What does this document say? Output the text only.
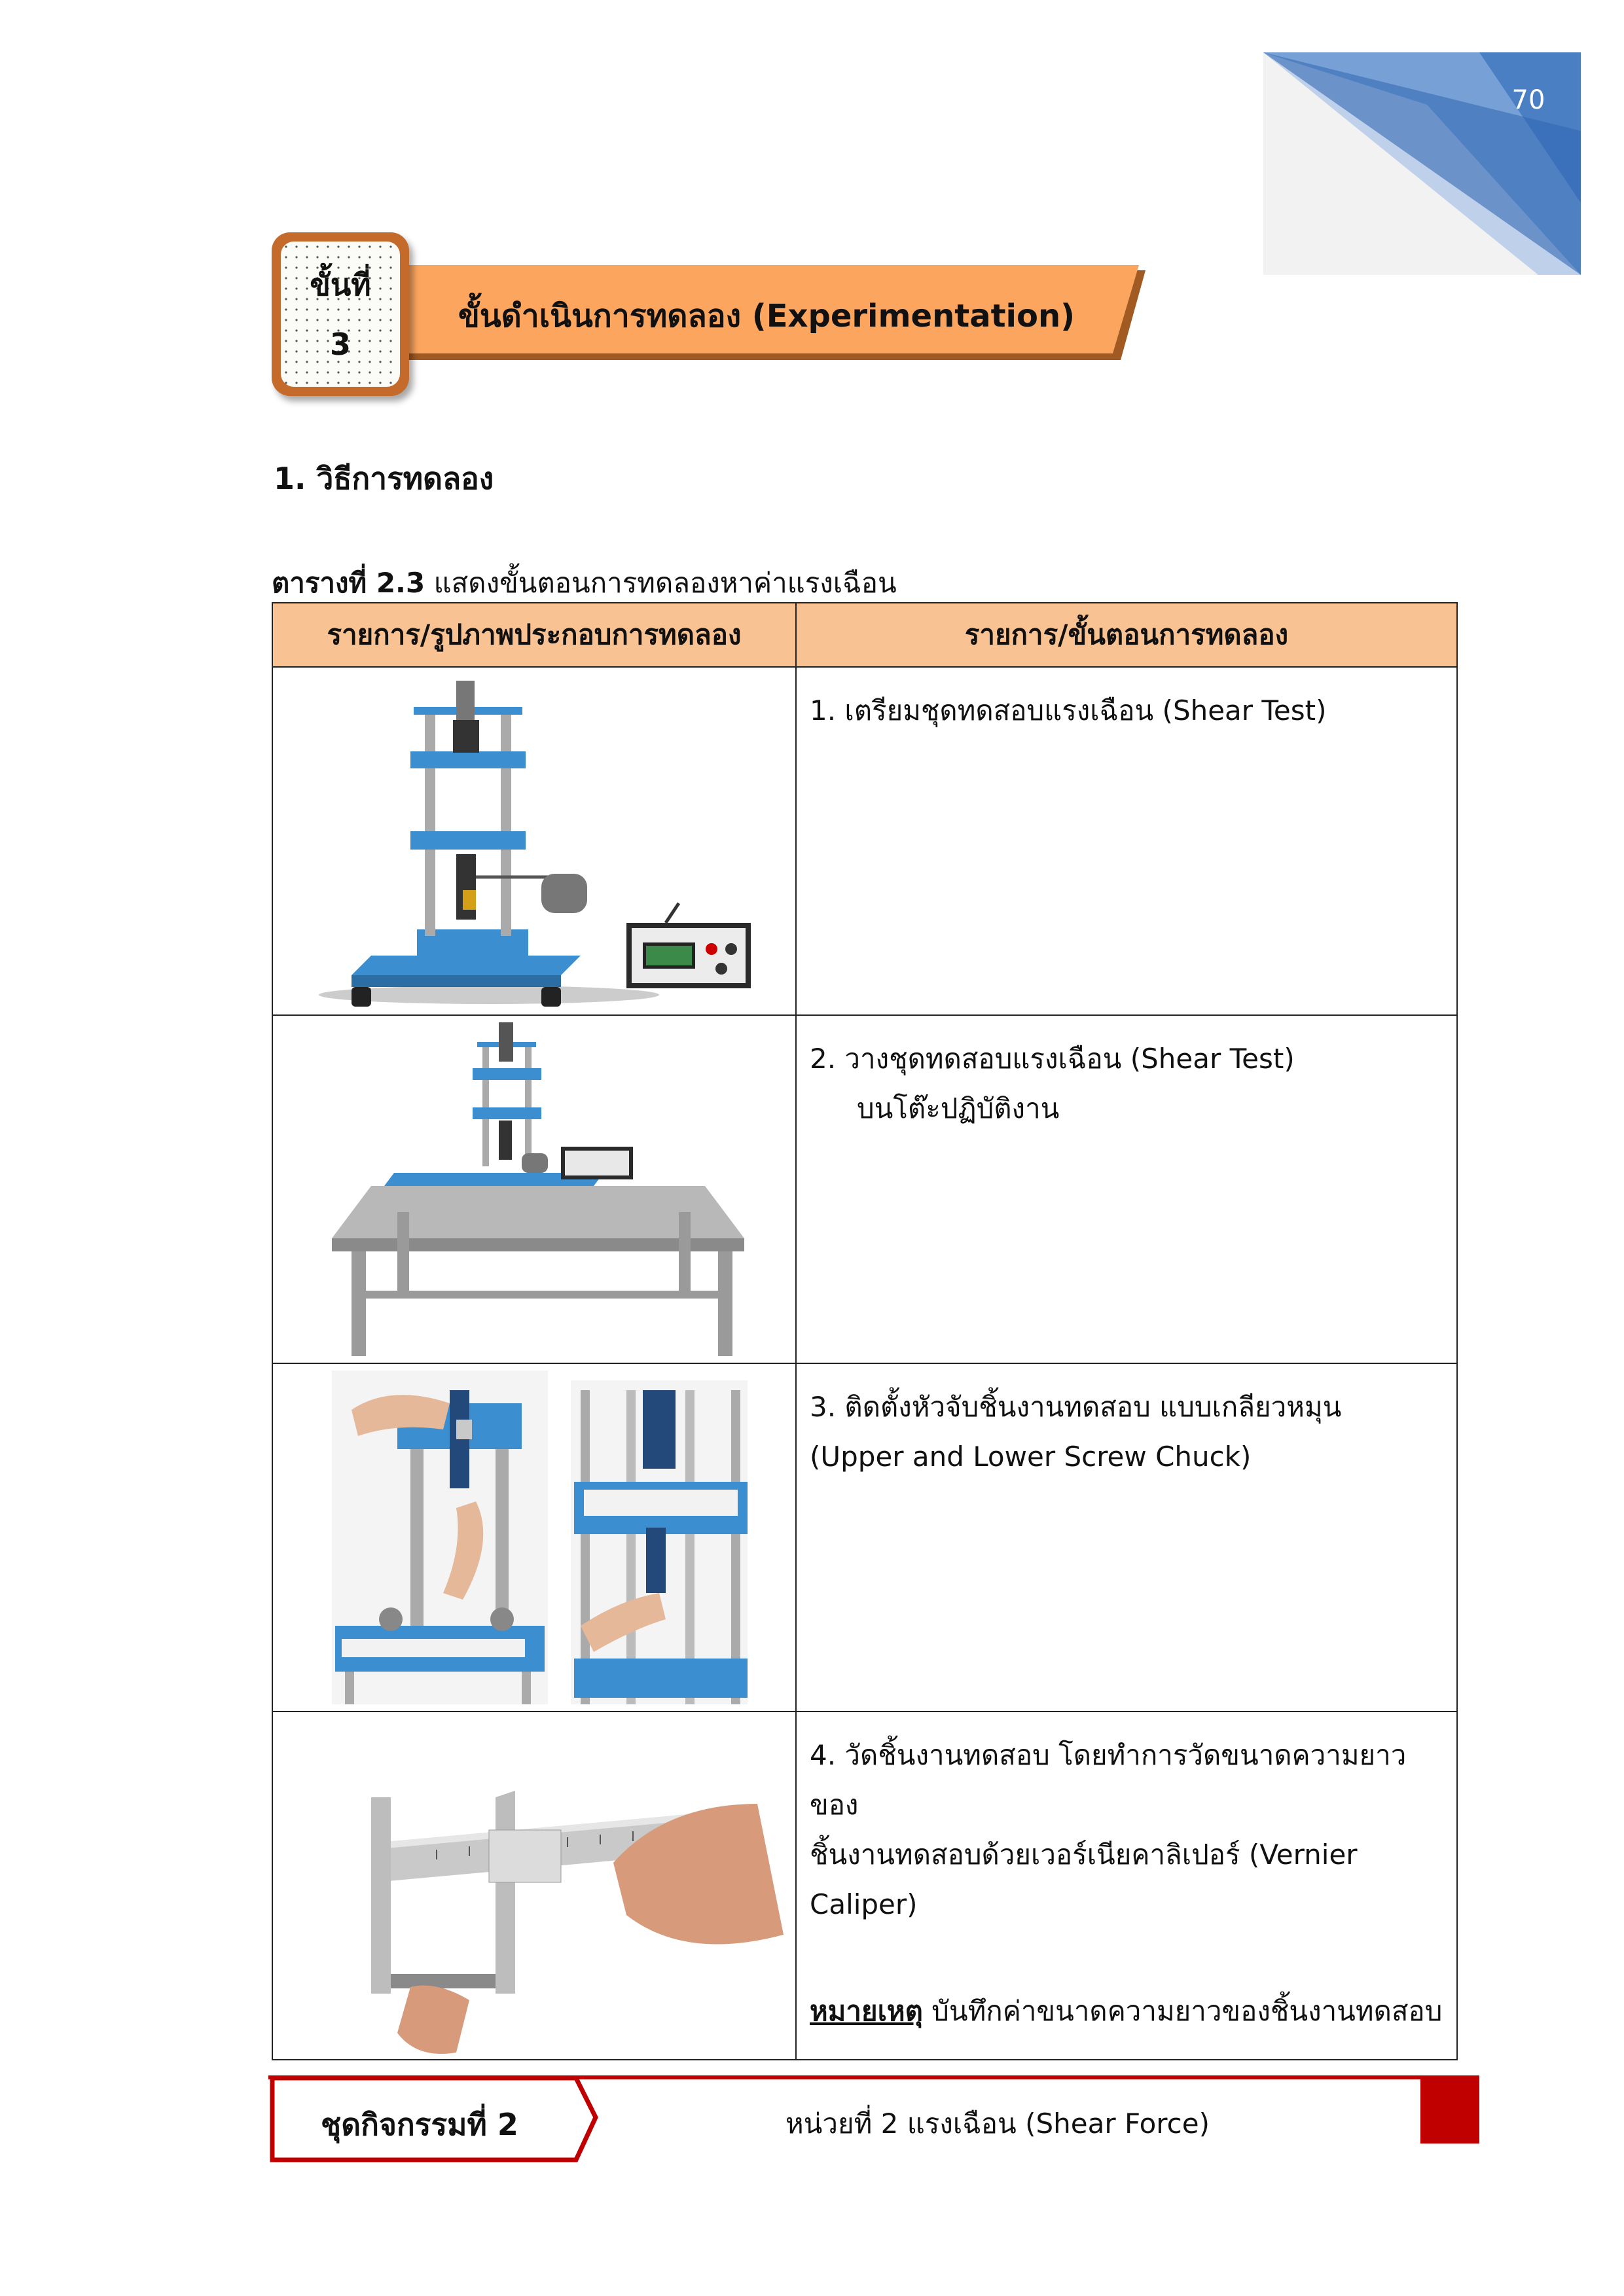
70
ขั้นที่
3
ขั้นดำเนินการทดลอง (Experimentation)
1. วิธีการทดลอง
ตารางที่ 2.3 แสดงขั้นตอนการทดลองหาค่าแรงเฉือน
รายการ/รูปภาพประกอบการทดลอง	รายการ/ขั้นตอนการทดลอง

1. เตรียมชุดทดสอบแรงเฉือน (Shear Test)

2. วางชุดทดสอบแรงเฉือน (Shear Test)
บนโต๊ะปฏิบัติงาน

3. ติดตั้งหัวจับชิ้นงานทดสอบ แบบเกลียวหมุน
(Upper and Lower Screw Chuck)

4. วัดชิ้นงานทดสอบ โดยทำการวัดขนาดความยาวของ
ชิ้นงานทดสอบด้วยเวอร์เนียคาลิเปอร์ (Vernier
Caliper)
หมายเหตุ บันทึกค่าขนาดความยาวของชิ้นงานทดสอบ
ชุดกิจกรรมที่ 2	หน่วยที่ 2 แรงเฉือน (Shear Force)
